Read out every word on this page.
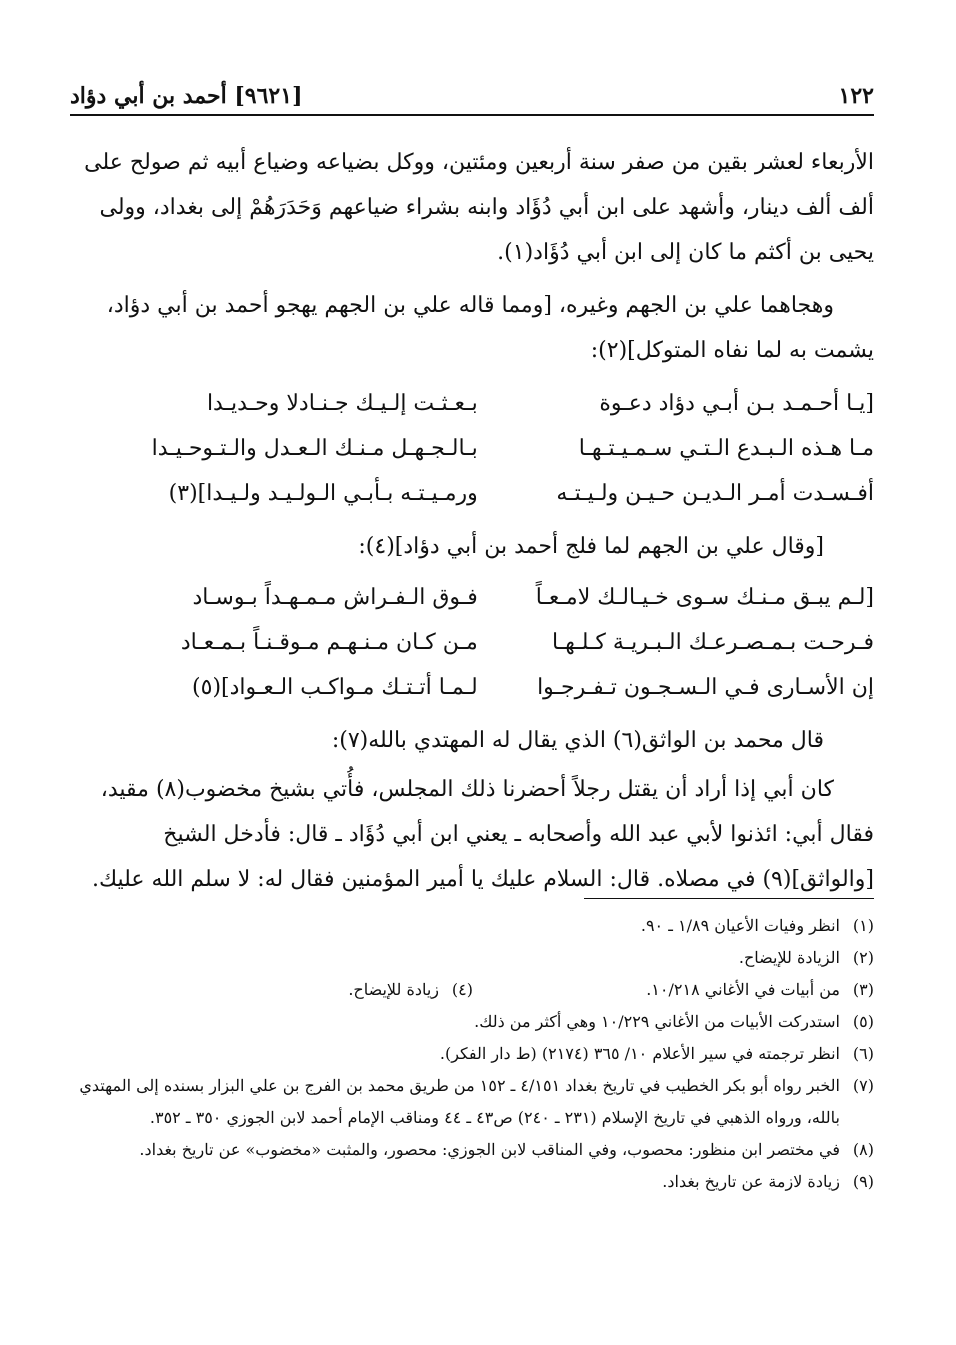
١٢٢
[٩٦٢١] أحمد بن أبي دؤاد

الأربعاء لعشر بقين من صفر سنة أربعين ومئتين، ووكل بضياعه وضياع أبيه ثم صولح على

ألف ألف دينار، وأشهد على ابن أبي دُؤَاد وابنه بشراء ضياعهم وَحَدَرَهُمْ إلى بغداد، وولى

يحيى بن أكثم ما كان إلى ابن أبي دُؤَاد(١).

وهجاهما علي بن الجهم وغيره، [ومما قاله علي بن الجهم يهجو أحمد بن أبي دؤاد،

يشمت به لما نفاه المتوكل](٢):

[يـا أحـمـد بـن أبـي دؤاد دعـوة
بـعـثـت إلـيـك جـنـادلا وحـديـدا
مـا هـذه الـبـدع الـتـي سـمـيـتـهـا
بـالـجـهـل مـنـك الـعـدل والـتـوحـيـدا
أفـسـدت أمـر الـديـن حـيـن ولـيـتـه
ورمـيـتـه بـأبـي الـولـيـد ولـيـدا](٣)
[وقال علي بن الجهم لما فلج أحمد بن أبي دؤاد](٤):
[لـم يبـق مـنـك سـوى خـيـالـك لامـعـاً
فـوق الـفـراش مـمـهـداً بـوسـاد
فـرحـت بـمـصـرعـك الـبـريـة كـلـهـا
مـن كـان مـنـهـم مـوقـنـاً بـمـعـاد
إن الأسـارى فـي الـسـجـون تـفـرجـوا
لـمـا أتـتـك مـواكـب الـعـواد](٥)
قال محمد بن الواثق(٦) الذي يقال له المهتدي بالله(٧):

كان أبي إذا أراد أن يقتل رجلاً أحضرنا ذلك المجلس، فأُتي بشيخ مخضوب(٨) مقيد،

فقال أبي: ائذنوا لأبي عبد الله وأصحابه ـ يعني ابن أبي دُؤَاد ـ قال: فأدخل الشيخ

[والواثق](٩) في مصلاه. قال: السلام عليك يا أمير المؤمنين فقال له: لا سلم الله عليك.

(١)
انظر وفيات الأعيان ١/٨٩ ـ ٩٠.
(٢)
الزيادة للإيضاح.
(٣)
من أبيات في الأغاني ١٠/٢١٨.
(٤)
زيادة للإيضاح.
(٥)
استدركت الأبيات من الأغاني ١٠/٢٢٩ وهي أكثر من ذلك.
(٦)
انظر ترجمته في سير الأعلام ١٠/ ٣٦٥ (٢١٧٤) (ط دار الفكر).
(٧)
الخبر رواه أبو بكر الخطيب في تاريخ بغداد ٤/١٥١ ـ ١٥٢ من طريق محمد بن الفرج بن علي البزار بسنده إلى المهتدي بالله، ورواه الذهبي في تاريخ الإسلام (٢٣١ ـ ٢٤٠) ص٤٣ ـ ٤٤ ومناقب الإمام أحمد لابن الجوزي ٣٥٠ ـ ٣٥٢.
(٨)
في مختصر ابن منظور: محصوب، وفي المناقب لابن الجوزي: محصور، والمثبت «مخضوب» عن تاريخ بغداد.
(٩)
زيادة لازمة عن تاريخ بغداد.
